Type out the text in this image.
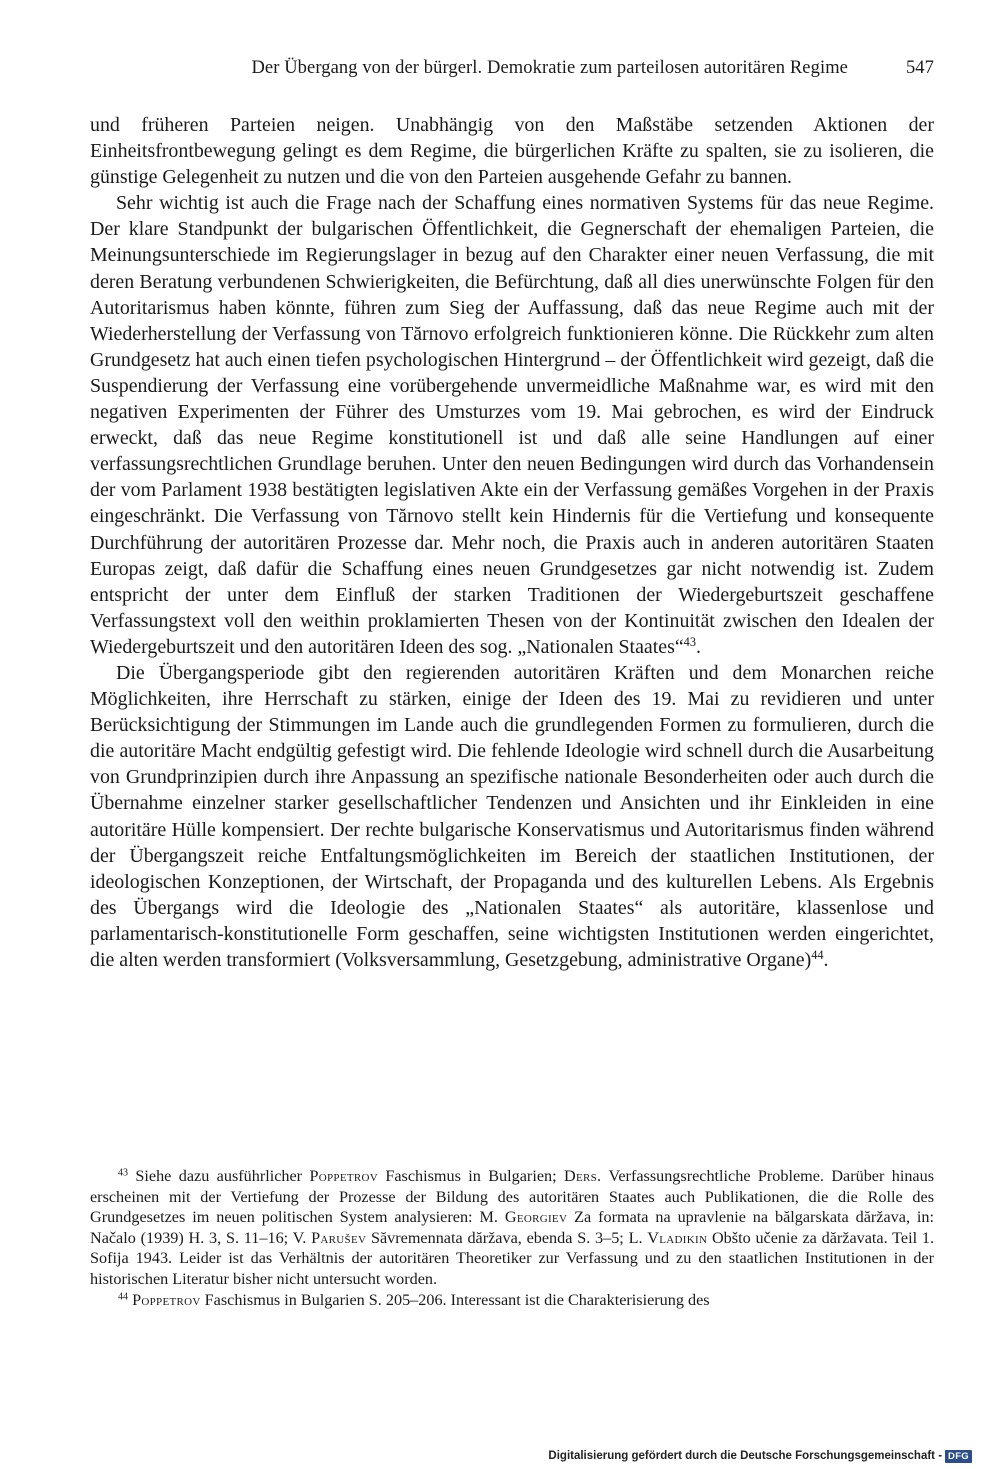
Der Übergang von der bürgerl. Demokratie zum parteilosen autoritären Regime	547

und früheren Parteien neigen. Unabhängig von den Maßstäbe setzenden Aktionen der Einheitsfrontbewegung gelingt es dem Regime, die bürgerlichen Kräfte zu spalten, sie zu isolieren, die günstige Gelegenheit zu nutzen und die von den Parteien ausgehende Gefahr zu bannen.

Sehr wichtig ist auch die Frage nach der Schaffung eines normativen Systems für das neue Regime. Der klare Standpunkt der bulgarischen Öffentlichkeit, die Gegnerschaft der ehemaligen Parteien, die Meinungsunterschiede im Regierungslager in bezug auf den Charakter einer neuen Verfassung, die mit deren Beratung verbundenen Schwierigkeiten, die Befürchtung, daß all dies unerwünschte Folgen für den Autoritarismus haben könnte, führen zum Sieg der Auffassung, daß das neue Regime auch mit der Wiederherstellung der Verfassung von Tărnovo erfolgreich funktionieren könne. Die Rückkehr zum alten Grundgesetz hat auch einen tiefen psychologischen Hintergrund – der Öffentlichkeit wird gezeigt, daß die Suspendierung der Verfassung eine vorübergehende unvermeidliche Maßnahme war, es wird mit den negativen Experimenten der Führer des Umsturzes vom 19. Mai gebrochen, es wird der Eindruck erweckt, daß das neue Regime konstitutionell ist und daß alle seine Handlungen auf einer verfassungsrechtlichen Grundlage beruhen. Unter den neuen Bedingungen wird durch das Vorhandensein der vom Parlament 1938 bestätigten legislativen Akte ein der Verfassung gemäßes Vorgehen in der Praxis eingeschränkt. Die Verfassung von Tărnovo stellt kein Hindernis für die Vertiefung und konsequente Durchführung der autoritären Prozesse dar. Mehr noch, die Praxis auch in anderen autoritären Staaten Europas zeigt, daß dafür die Schaffung eines neuen Grundgesetzes gar nicht notwendig ist. Zudem entspricht der unter dem Einfluß der starken Traditionen der Wiedergeburtszeit geschaffene Verfassungstext voll den weithin proklamierten Thesen von der Kontinuität zwischen den Idealen der Wiedergeburtszeit und den autoritären Ideen des sog. „Nationalen Staates“$^{43}$.

Die Übergangsperiode gibt den regierenden autoritären Kräften und dem Monarchen reiche Möglichkeiten, ihre Herrschaft zu stärken, einige der Ideen des 19. Mai zu revidieren und unter Berücksichtigung der Stimmungen im Lande auch die grundlegenden Formen zu formulieren, durch die die autoritäre Macht endgültig gefestigt wird. Die fehlende Ideologie wird schnell durch die Ausarbeitung von Grundprinzipien durch ihre Anpassung an spezifische nationale Besonderheiten oder auch durch die Übernahme einzelner starker gesellschaftlicher Tendenzen und Ansichten und ihr Einkleiden in eine autoritäre Hülle kompensiert. Der rechte bulgarische Konservatismus und Autoritarismus finden während der Übergangszeit reiche Entfaltungsmöglichkeiten im Bereich der staatlichen Institutionen, der ideologischen Konzeptionen, der Wirtschaft, der Propaganda und des kulturellen Lebens. Als Ergebnis des Übergangs wird die Ideologie des „Nationalen Staates“ als autoritäre, klassenlose und parlamentarisch-konstitutionelle Form geschaffen, seine wichtigsten Institutionen werden eingerichtet, die alten werden transformiert (Volksversammlung, Gesetzgebung, administrative Organe)$^{44}$.

$^{43}$ Siehe dazu ausführlicher Poppetrov Faschismus in Bulgarien; Ders. Verfassungsrechtliche Probleme. Darüber hinaus erscheinen mit der Vertiefung der Prozesse der Bildung des autoritären Staates auch Publikationen, die die Rolle des Grundgesetzes im neuen politischen System analysieren: M. Georgiev Za formata na upravlenie na bălgarskata dăržava, in: Načalo (1939) H. 3, S. 11–16; V. Parušev Săvremennata dăržava, ebenda S. 3–5; L. Vladikin Obšto učenie za dăržavata. Teil 1. Sofija 1943. Leider ist das Verhältnis der autoritären Theoretiker zur Verfassung und zu den staatlichen Institutionen in der historischen Literatur bisher nicht untersucht worden.

$^{44}$ Poppetrov Faschismus in Bulgarien S. 205–206. Interessant ist die Charakterisierung des

Digitalisierung gefördert durch die Deutsche Forschungsgemeinschaft - DFG
